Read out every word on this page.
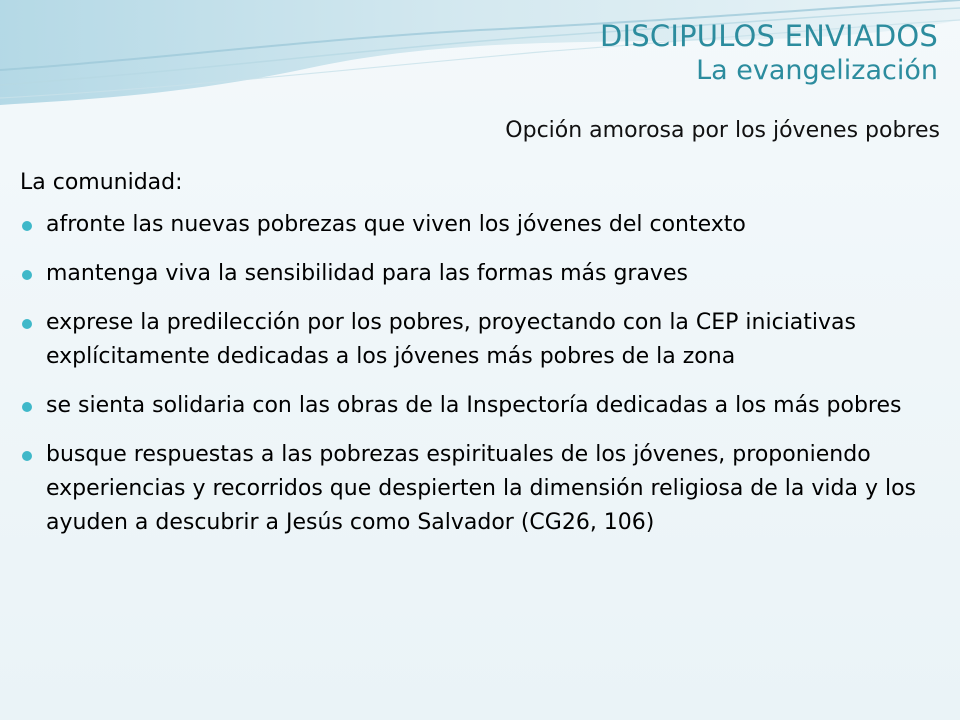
DISCIPULOS ENVIADOS
La evangelización
Opción amorosa por los jóvenes pobres
La comunidad:
afronte las nuevas pobrezas que viven los jóvenes del contexto
mantenga viva la sensibilidad para las formas más graves
exprese la predilección por los pobres, proyectando con la CEP iniciativas explícitamente dedicadas a los jóvenes más pobres de la zona
se sienta solidaria con las obras de la Inspectoría dedicadas a los más pobres
busque respuestas a las pobrezas espirituales de los jóvenes, proponiendo experiencias y recorridos que despierten la dimensión religiosa de la vida y los ayuden a descubrir a Jesús como Salvador (CG26, 106)
